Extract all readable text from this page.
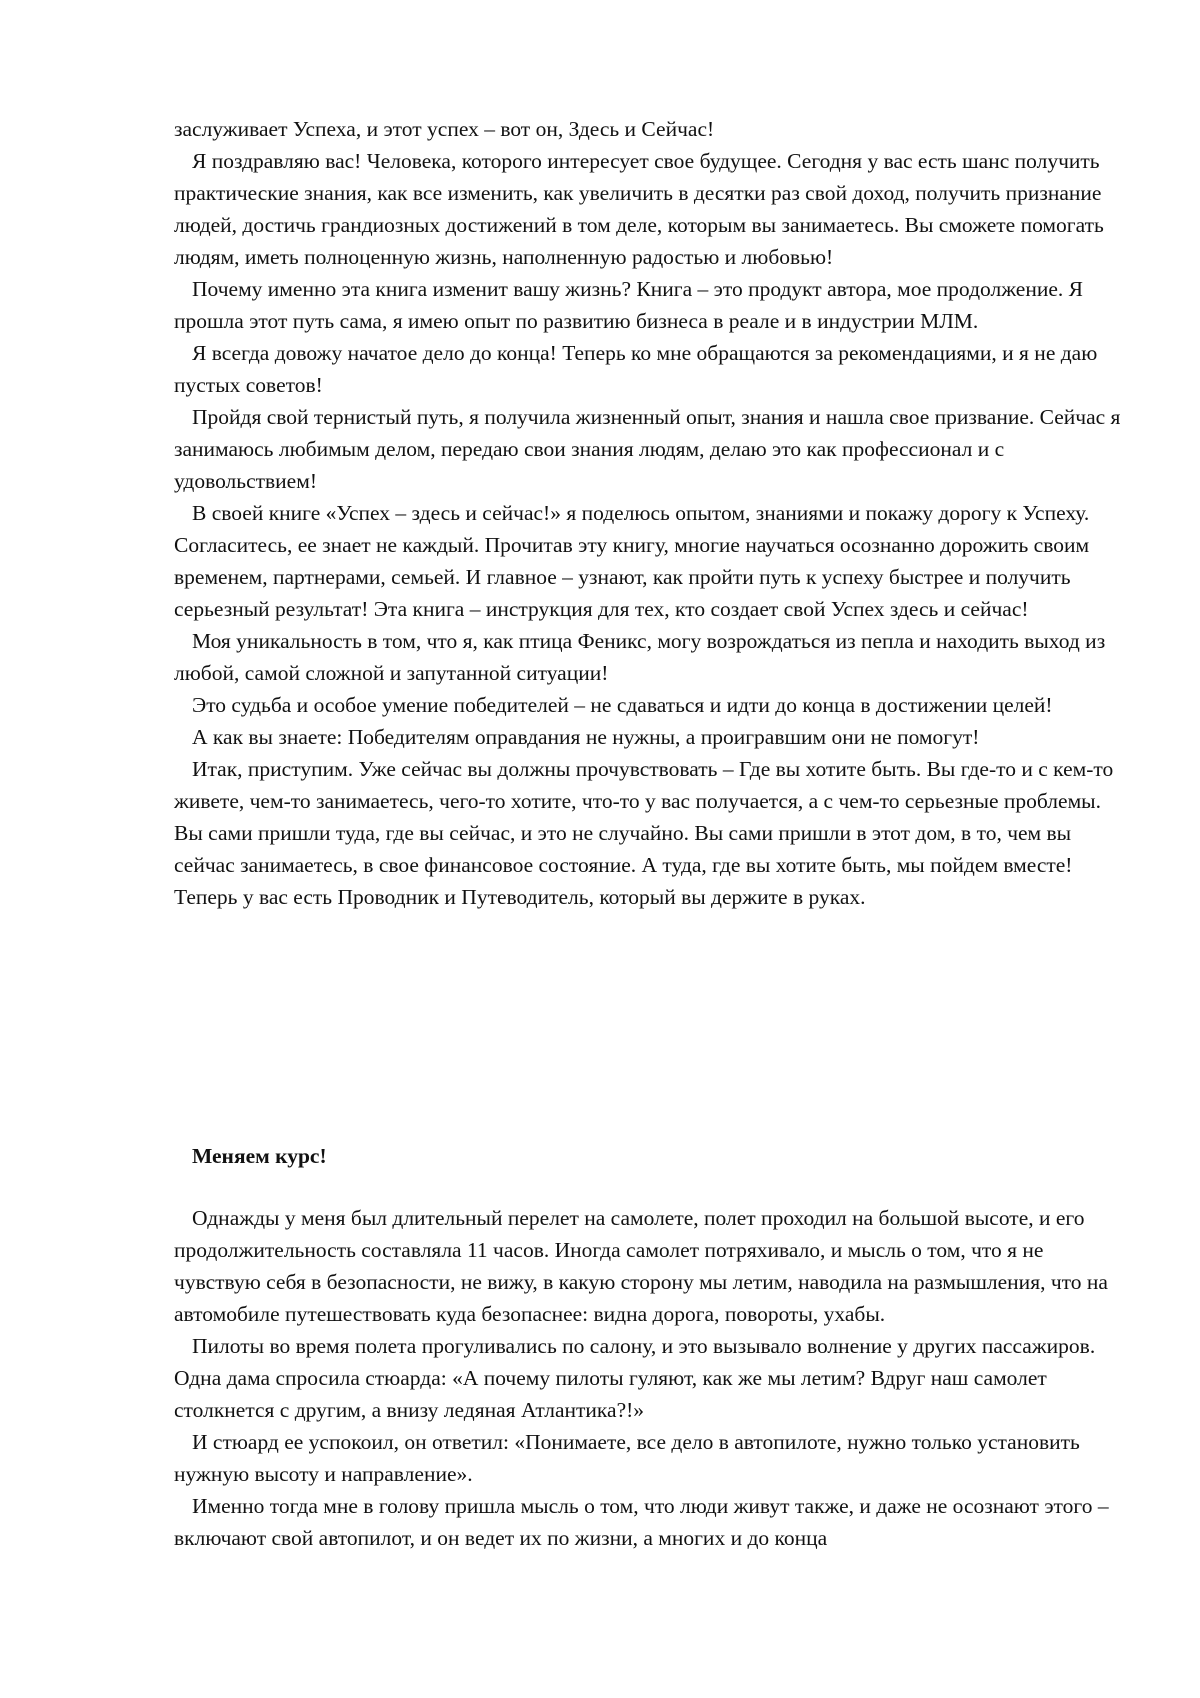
заслуживает Успеха, и этот успех – вот он, Здесь и Сейчас!

Я поздравляю вас! Человека, которого интересует свое будущее. Сегодня у вас есть шанс получить практические знания, как все изменить, как увеличить в десятки раз свой доход, получить признание людей, достичь грандиозных достижений в том деле, которым вы занимаетесь. Вы сможете помогать людям, иметь полноценную жизнь, наполненную радостью и любовью!

Почему именно эта книга изменит вашу жизнь? Книга – это продукт автора, мое продолжение. Я прошла этот путь сама, я имею опыт по развитию бизнеса в реале и в индустрии МЛМ.

Я всегда довожу начатое дело до конца! Теперь ко мне обращаются за рекомендациями, и я не даю пустых советов!

Пройдя свой тернистый путь, я получила жизненный опыт, знания и нашла свое призвание. Сейчас я занимаюсь любимым делом, передаю свои знания людям, делаю это как профессионал и с удовольствием!

В своей книге «Успех – здесь и сейчас!» я поделюсь опытом, знаниями и покажу дорогу к Успеху. Согласитесь, ее знает не каждый. Прочитав эту книгу, многие научаться осознанно дорожить своим временем, партнерами, семьей. И главное – узнают, как пройти путь к успеху быстрее и получить серьезный результат! Эта книга – инструкция для тех, кто создает свой Успех здесь и сейчас!

Моя уникальность в том, что я, как птица Феникс, могу возрождаться из пепла и находить выход из любой, самой сложной и запутанной ситуации!

Это судьба и особое умение победителей – не сдаваться и идти до конца в достижении целей!

А как вы знаете: Победителям оправдания не нужны, а проигравшим они не помогут!

Итак, приступим. Уже сейчас вы должны прочувствовать – Где вы хотите быть. Вы где-то и с кем-то живете, чем-то занимаетесь, чего-то хотите, что-то у вас получается, а с чем-то серьезные проблемы. Вы сами пришли туда, где вы сейчас, и это не случайно. Вы сами пришли в этот дом, в то, чем вы сейчас занимаетесь, в свое финансовое состояние. А туда, где вы хотите быть, мы пойдем вместе! Теперь у вас есть Проводник и Путеводитель, который вы держите в руках.

Меняем курс!

Однажды у меня был длительный перелет на самолете, полет проходил на большой высоте, и его продолжительность составляла 11 часов. Иногда самолет потряхивало, и мысль о том, что я не чувствую себя в безопасности, не вижу, в какую сторону мы летим, наводила на размышления, что на автомобиле путешествовать куда безопаснее: видна дорога, повороты, ухабы.

Пилоты во время полета прогуливались по салону, и это вызывало волнение у других пассажиров. Одна дама спросила стюарда: «А почему пилоты гуляют, как же мы летим? Вдруг наш самолет столкнется с другим, а внизу ледяная Атлантика?!»

И стюард ее успокоил, он ответил: «Понимаете, все дело в автопилоте, нужно только установить нужную высоту и направление».

Именно тогда мне в голову пришла мысль о том, что люди живут также, и даже не осознают этого – включают свой автопилот, и он ведет их по жизни, а многих и до конца
